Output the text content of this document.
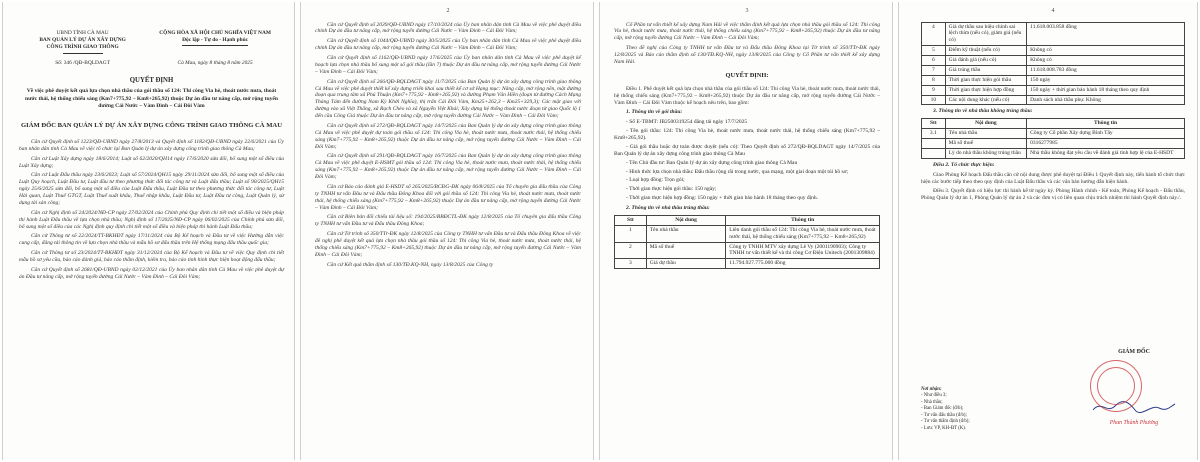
UBND TỈNH CÀ MAU
BAN QUẢN LÝ DỰ ÁN XÂY DỰNG
CÔNG TRÌNH GIAO THÔNG
CỘNG HÒA XÃ HỘI CHỦ NGHĨA VIỆT NAM
Độc lập - Tự do - Hạnh phúc
Số: 346 /QĐ-BQLDAGT	Cà Mau, ngày 8 tháng 8 năm 2025
QUYẾT ĐỊNH
Về việc phê duyệt kết quả lựa chọn nhà thầu của gói thầu số 124: Thi công Via hè, thoát nước mưa, thoát nước thải, hệ thống chiếu sáng (Km7+775,92 – Km8+265,92) thuộc Dự án đầu tư nâng cấp, mở rộng tuyến đường Cái Nước – Vàm Đình – Cái Đôi Vàm
GIÁM ĐỐC BAN QUẢN LÝ DỰ ÁN XÂY DỰNG CÔNG TRÌNH GIAO THÔNG CÀ MAU
Căn cứ Quyết định số 1223/QĐ-UBND ngày 27/8/2013 và Quyết định số 1182/QĐ-UBND ngày 22/6/2021 của Ủy ban nhân dân tỉnh Cà Mau về việc tổ chức lại Ban Quản lý dự án xây dựng công trình giao thông Cà Mau;
Căn cứ Luật Xây dựng ngày 18/6/2014; Luật số 62/2020/QH14 ngày 17/6/2020 sửa đổi, bổ sung một số điều của Luật Xây dựng;
Căn cứ Luật Đấu thầu ngày 23/6/2023; Luật số 57/2024/QH15 ngày 29/11/2024 sửa đổi, bổ sung một số điều của Luật Quy hoạch, Luật Đầu tư, Luật đầu tư theo phương thức đối tác công tư và Luật đấu thầu; Luật số 90/2025/QH15 ngày 25/6/2025 sửa đổi, bổ sung một số điều của Luật Đấu thầu, Luật Đầu tư theo phương thức đối tác công tư, Luật Hải quan, Luật Thuế GTGT, Luật Thuế xuất khẩu, Thuế nhập khẩu, Luật Đầu tư, Luật Đầu tư công, Luật Quản lý, sử dụng tài sản công;
Căn cứ Nghị định số 24/2024/NĐ-CP ngày 27/02/2024 của Chính phủ Quy định chi tiết một số điều và biện pháp thi hành Luật Đấu thầu về lựa chọn nhà thầu; Nghị định số 17/2025/NĐ-CP ngày 06/02/2025 của Chính phủ sửa đổi, bổ sung một số điều của các Nghị định quy định chi tiết một số điều và biện pháp thi hành Luật Đấu thầu;
Căn cứ Thông tư số 22/2024/TT-BKHĐT ngày 17/11/2024 của Bộ Kế hoạch và Đầu tư về việc Hướng dẫn việc cung cấp, đăng tải thông tin về lựa chọn nhà thầu và mẫu hồ sơ đấu thầu trên Hệ thống mạng đấu thầu quốc gia;
Căn cứ Thông tư số 23/2024/TT-BKHĐT ngày 31/12/2024 của Bộ Kế hoạch và Đầu tư về việc Quy định chi tiết mẫu hồ sơ yêu cầu, báo cáo đánh giá, báo cáo thẩm định, kiểm tra, báo cáo tình hình thực hiện hoạt động đấu thầu;
Căn cứ Quyết định số 2681/QĐ-UBND ngày 02/12/2021 của Ủy ban nhân dân tỉnh Cà Mau về việc phê duyệt dự án Đầu tư nâng cấp, mở rộng tuyến đường Cái Nước – Vàm Đình – Cái Đôi Vàm;
2
Căn cứ Quyết định số 2039/QĐ-UBND ngày 17/10/2024 của Ủy ban nhân dân tỉnh Cà Mau về việc phê duyệt điều chỉnh Dự án đầu tư nâng cấp, mở rộng tuyến đường Cái Nước – Vàm Đình – Cái Đôi Vàm;
Căn cứ Quyết định số 1044/QĐ-UBND ngày 30/5/2025 của Ủy ban nhân dân tỉnh Cà Mau về việc phê duyệt điều chỉnh Dự án đầu tư nâng cấp, mở rộng tuyến đường Cái Nước – Vàm Đình – Cái Đôi Vàm;
Căn cứ Quyết định số 1162/QĐ-UBND ngày 17/6/2025 của Ủy ban nhân dân tỉnh Cà Mau về việc phê duyệt kế hoạch lựa chọn nhà thầu bổ sung một số gói thầu (lần 7) thuộc Dự án đầu tư nâng cấp, mở rộng tuyến đường Cái Nước – Vàm Đình – Cái Đôi Vàm;
Căn cứ Quyết định số 266/QĐ-BQLDAGT ngày 11/7/2025 của Ban Quản lý dự án xây dựng công trình giao thông Cà Mau về việc phê duyệt thiết kế xây dựng triển khai sau thiết kế cơ sở Hạng mục: Nâng cấp, mở rộng nền, mặt đường đoạn qua trung tâm xã Phú Thuận (Km7+775,92 - Km8+265,92) và đường Phạm Văn Hiền (đoạn từ đường Cách Mạng Tháng Tám đến đường Nam Kỳ Khởi Nghĩa), thị trấn Cái Đôi Vàm, Km25+262,3 – Km25+329,3); Các mặt giao với đường vào xã Việt Thắng, xã Rạch Chèo và xã Nguyễn Việt Khái; Xây dựng hệ thống thoát nước đoạn từ giao Quốc lộ 1 đến cầu Công Giá thuộc Dự án đầu tư nâng cấp, mở rộng tuyến đường Cái Nước – Vàm Đình – Cái Đôi Vàm;
Căn cứ Quyết định số 272/QĐ-BQLDAGT ngày 14/7/2025 của Ban Quản lý dự án xây dựng công trình giao thông Cà Mau về việc phê duyệt dự toán gói thầu số 124: Thi công Via hè, thoát nước mưa, thoát nước thải, hệ thống chiếu sáng (Km7+775,92 – Km8+265,92) thuộc Dự án đầu tư nâng cấp, mở rộng tuyến đường Cái Nước – Vàm Đình – Cái Đôi Vàm;
Căn cứ Quyết định số 291/QĐ-BQLDAGT ngày 16/7/2025 của Ban Quản lý dự án xây dựng công trình giao thông Cà Mau về việc phê duyệt E-HSMT gói thầu số 124: Thi công Via hè, thoát nước mưa, thoát nước thải, hệ thống chiếu sáng (Km7+775,92 – Km8+265,92) thuộc Dự án đầu tư nâng cấp, mở rộng tuyến đường Cái Nước – Vàm Đình – Cái Đôi Vàm;
Căn cứ Báo cáo đánh giá E-HSDT số 265/2025/BCĐG-ĐK ngày 06/8/2025 của Tổ chuyên gia đấu thầu của Công ty TNHH tư vấn Đầu tư và Đấu thầu Đông Khoa đối với gói thầu số 124: Thi công Via hè, thoát nước mưa, thoát nước thải, hệ thống chiếu sáng (Km7+775,92 – Km8+265,92) thuộc Dự án đầu tư nâng cấp, mở rộng tuyến đường Cái Nước – Vàm Đình – Cái Đôi Vàm;
Căn cứ Biên bản đối chiếu tài liệu số: 194/2025/BBĐCTL-ĐK ngày 12/8/2025 của Tổ chuyên gia đấu thầu Công ty TNHH tư vấn Đầu tư và Đấu thầu Đông Khoa;
Căn cứ Tờ trình số 350/TTr-ĐK ngày 12/8/2025 của Công ty TNHH tư vấn Đầu tư và Đấu thầu Đông Khoa về việc đề nghị phê duyệt kết quả lựa chọn nhà thầu gói thầu số 124: Thi công Via hè, thoát nước mưa, thoát nước thải, hệ thống chiếu sáng (Km7+775,92 – Km8+265,92) thuộc Dự án đầu tư nâng cấp, mở rộng tuyến đường Cái Nước – Vàm Đình – Cái Đôi Vàm;
Căn cứ Kết quả thẩm định số 130/TĐ.KQ-NH, ngày 13/8/2025 của Công ty
3
Cổ Phần tư vấn thiết kế xây dựng Nam Hải về việc thẩm định kết quả lựa chọn nhà thầu gói thầu số 124: Thi công Via hè, thoát nước mưa, thoát nước thải, hệ thống chiếu sáng (Km7+775,92 – Km8+265,92) thuộc Dự án đầu tư nâng cấp, mở rộng tuyến đường Cái Nước – Vàm Đình – Cái Đôi Vàm;
Theo đề nghị của Công ty TNHH tư vấn Đầu tư và Đấu thầu Đông Khoa tại Tờ trình số 350/TTr-ĐK ngày 12/8/2025 và Báo cáo thẩm định số 130/TĐ.KQ-NH, ngày 13/8/2025 của Công ty Cổ Phần tư vấn thiết kế xây dựng Nam Hải.
QUYẾT ĐỊNH:
Điều 1. Phê duyệt kết quả lựa chọn nhà thầu của gói thầu số 124: Thi công Via hè, thoát nước mưa, thoát nước thải, hệ thống chiếu sáng (Km7+775,92 – Km8+265,92) thuộc Dự án đầu tư nâng cấp, mở rộng tuyến đường Cái Nước – Vàm Đình – Cái Đôi Vàm thuộc kế hoạch nêu trên, bao gồm:
1. Thông tin về gói thầu:
- Số E-TBMT: IB2500319254 đăng tải ngày 17/7/2025
- Tên gói thầu: 124: Thi công Via hè, thoát nước mưa, thoát nước thải, hệ thống chiếu sáng (Km7+775,92 – Km8+265,92).
- Giá gói thầu hoặc dự toán được duyệt (nếu có): Theo Quyết định số 272/QĐ-BQLDAGT ngày 14/7/2025 của Ban Quản lý dự án xây dựng công trình giao thông Cà Mau
- Tên Chủ đầu tư: Ban Quản lý dự án xây dựng công trình giao thông Cà Mau
- Hình thức lựa chọn nhà thầu: Đấu thầu rộng rãi trong nước, qua mạng, một giai đoạn một túi hồ sơ;
- Loại hợp đồng: Trọn gói;
- Thời gian thực hiện gói thầu: 150 ngày;
- Thời gian thực hiện hợp đồng: 150 ngày + thời gian bảo hành 18 tháng theo quy định.
2. Thông tin về nhà thầu trúng thầu:
Stt	Nội dung	Thông tin
1	Tên nhà thầu	Liên danh gói thầu số 124: Thi công Via hè, thoát nước mưa, thoát nước thải, hệ thống chiếu sáng (Km7+775,92 – Km8+265,92)
2	Mã số thuế	Công ty TNHH MTV xây dựng Lê Vy (2001190903); Công ty TNHH tư vấn thiết kế và thi công Cơ Điện Unitech (2001309884)
3	Giá dự thầu	11.794.927.775.000 đồng
4
4	Giá dự thầu sau hiệu chỉnh sai lệch thừa (nếu có), giảm giá (nếu có)	11.618.003.858 đồng
5	Điểm kỹ thuật (nếu có)	Không có
6	Giá đánh giá (nếu có)	Không có
7	Giá trúng thầu	11.618.008.783 đồng
8	Thời gian thực hiện gói thầu	150 ngày
9	Thời gian thực hiện hợp đồng	150 ngày + thời gian bảo hành 18 tháng theo quy định
10	Các nội dung khác (nếu có)	Danh sách nhà thầu phụ: Không
3. Thông tin về nhà thầu không trúng thầu:
Stt	Nội dung	Thông tin
3.1	Tên nhà thầu	Công ty Cổ phần Xây dựng Bình Tây
	Mã số thuế	0316277985
	Lý do nhà thầu không trúng thầu	Nhà thầu không đạt yêu cầu về đánh giá tính hợp lệ của E-HSDT
Điều 2. Tổ chức thực hiện:
Giao Phòng Kế hoạch Đấu thầu căn cứ nội dung được phê duyệt tại Điều 1 Quyết định này, tiến hành tổ chức thực hiện các bước tiếp theo theo quy định của Luật Đấu thầu và các văn bản hướng dẫn hiện hành.
Điều 3. Quyết định có hiệu lực thi hành kể từ ngày ký. Phòng Hành chính - Kế toán, Phòng Kế hoạch - Đấu thầu, Phòng Quản lý dự án 1, Phòng Quản lý dự án 2 và các đơn vị có liên quan chịu trách nhiệm thi hành Quyết định này./.
Nơi nhận:
- Như điều 3;
- Nhà thầu;
- Ban Giám đốc (đ/b);
- Tư vấn đấu thầu (đ/b);
- Tư vấn thẩm định (đ/b);
- Lưu: VP, KH-ĐT (K).
GIÁM ĐỐC
Phan Thành Phương
